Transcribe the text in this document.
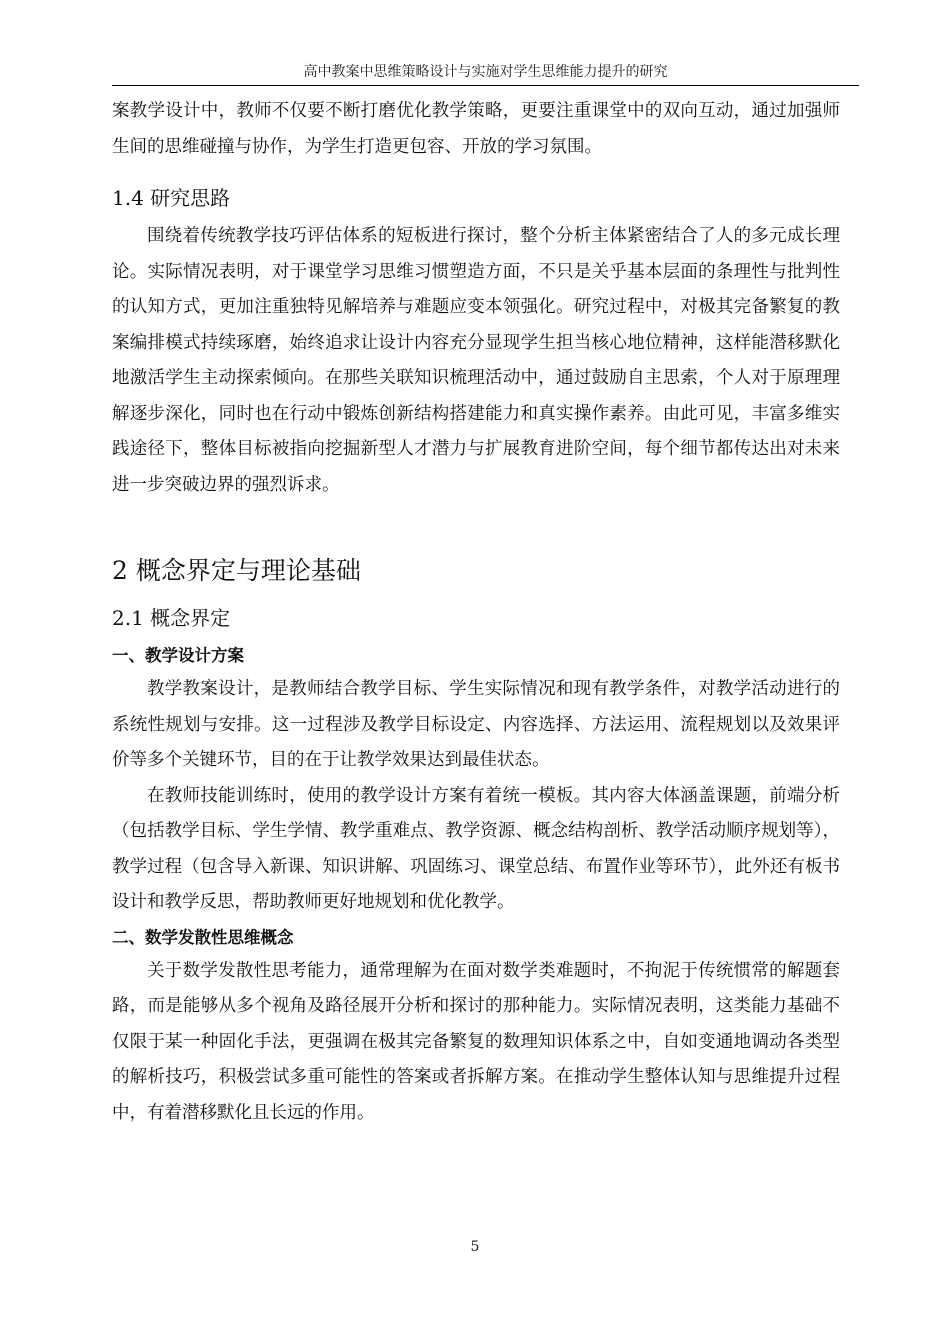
高中教案中思维策略设计与实施对学生思维能力提升的研究

案教学设计中，教师不仅要不断打磨优化教学策略，更要注重课堂中的双向互动，通过加强师生间的思维碰撞与协作，为学生打造更包容、开放的学习氛围。

1.4 研究思路

围绕着传统教学技巧评估体系的短板进行探讨，整个分析主体紧密结合了人的多元成长理论。实际情况表明，对于课堂学习思维习惯塑造方面，不只是关乎基本层面的条理性与批判性的认知方式，更加注重独特见解培养与难题应变本领强化。研究过程中，对极其完备繁复的教案编排模式持续琢磨，始终追求让设计内容充分显现学生担当核心地位精神，这样能潜移默化地激活学生主动探索倾向。在那些关联知识梳理活动中，通过鼓励自主思索，个人对于原理理解逐步深化，同时也在行动中锻炼创新结构搭建能力和真实操作素养。由此可见，丰富多维实践途径下，整体目标被指向挖掘新型人才潜力与扩展教育进阶空间，每个细节都传达出对未来进一步突破边界的强烈诉求。

2 概念界定与理论基础
2.1 概念界定
一、教学设计方案

教学教案设计，是教师结合教学目标、学生实际情况和现有教学条件，对教学活动进行的系统性规划与安排。这一过程涉及教学目标设定、内容选择、方法运用、流程规划以及效果评价等多个关键环节，目的在于让教学效果达到最佳状态。

在教师技能训练时，使用的教学设计方案有着统一模板。其内容大体涵盖课题，前端分析（包括教学目标、学生学情、教学重难点、教学资源、概念结构剖析、教学活动顺序规划等），教学过程（包含导入新课、知识讲解、巩固练习、课堂总结、布置作业等环节），此外还有板书设计和教学反思，帮助教师更好地规划和优化教学。

二、数学发散性思维概念

关于数学发散性思考能力，通常理解为在面对数学类难题时，不拘泥于传统惯常的解题套路，而是能够从多个视角及路径展开分析和探讨的那种能力。实际情况表明，这类能力基础不仅限于某一种固化手法，更强调在极其完备繁复的数理知识体系之中，自如变通地调动各类型的解析技巧，积极尝试多重可能性的答案或者拆解方案。在推动学生整体认知与思维提升过程中，有着潜移默化且长远的作用。

5
